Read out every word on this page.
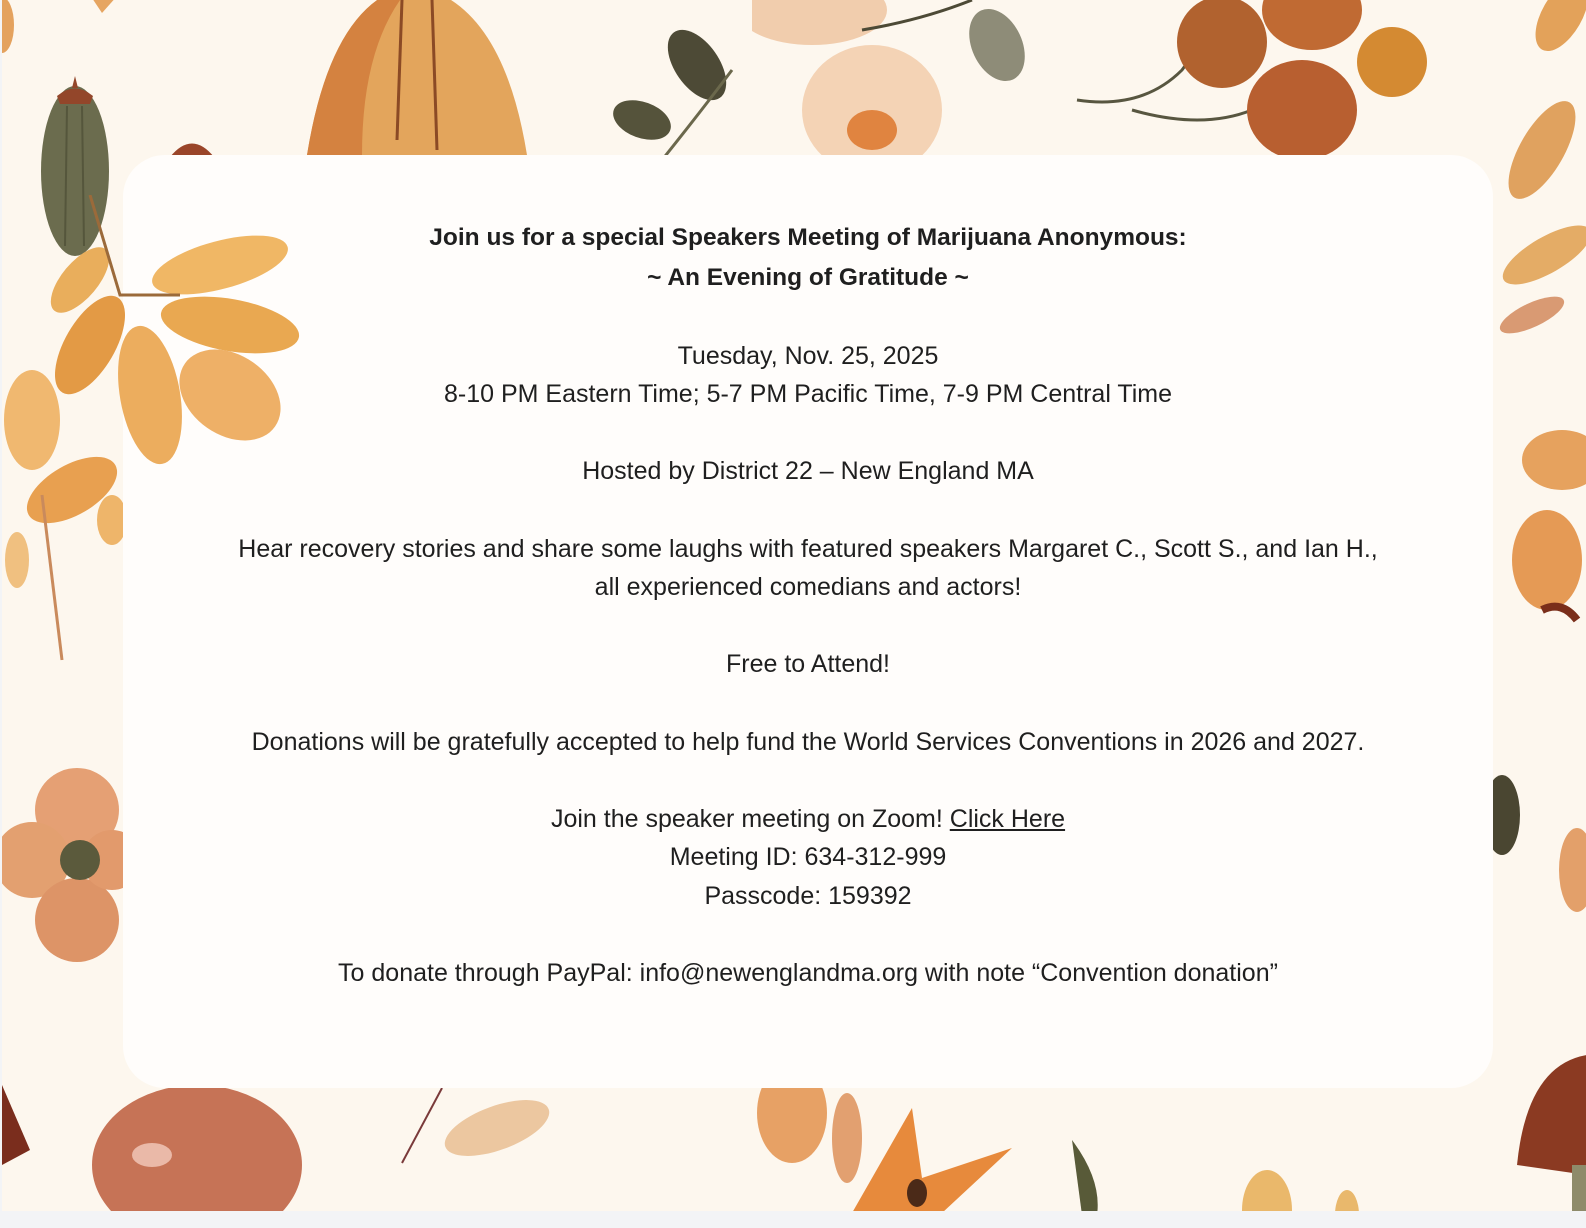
Join us for a special Speakers Meeting of Marijuana Anonymous:
~ An Evening of Gratitude ~
Tuesday, Nov. 25, 2025
8-10 PM Eastern Time; 5-7 PM Pacific Time, 7-9 PM Central Time
Hosted by District 22 – New England MA
Hear recovery stories and share some laughs with featured speakers Margaret C., Scott S., and Ian H.,
all experienced comedians and actors!
Free to Attend!
Donations will be gratefully accepted to help fund the World Services Conventions in 2026 and 2027.
Join the speaker meeting on Zoom! Click Here
Meeting ID: 634-312-999
Passcode: 159392
To donate through PayPal: info@newenglandma.org with note “Convention donation”
